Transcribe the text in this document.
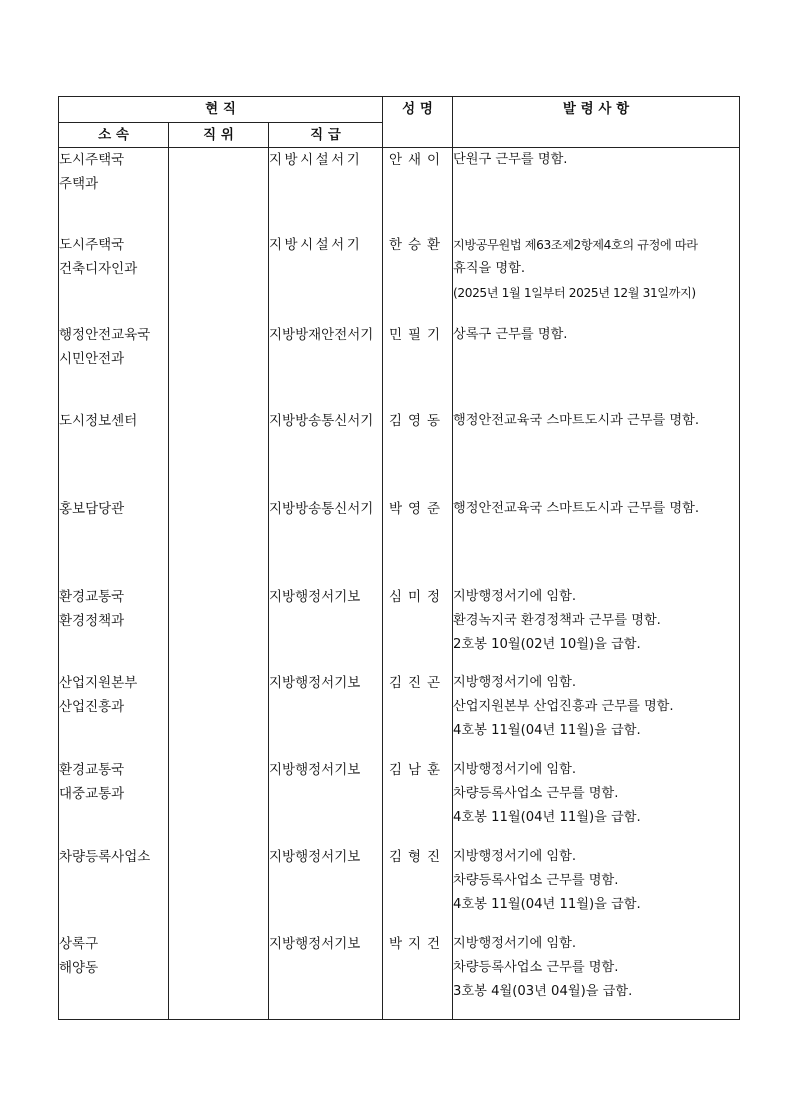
현 직			성 명	발 령 사 항
소 속	직 위	직 급		

도시주택국
주택과		지방시설서기	안새이	단원구 근무를 명함.

도시주택국
건축디자인과		지방시설서기	한승환	지방공무원법 제63조제2항제4호의 규정에 따라
휴직을 명함.
(2025년 1월 1일부터 2025년 12월 31일까지)

행정안전교육국
시민안전과		지방방재안전서기	민필기	상록구 근무를 명함.

도시정보센터		지방방송통신서기	김영동	행정안전교육국 스마트도시과 근무를 명함.

홍보담당관		지방방송통신서기	박영준	행정안전교육국 스마트도시과 근무를 명함.

환경교통국
환경정책과		지방행정서기보	심미정	지방행정서기에 임함.
환경녹지국 환경정책과 근무를 명함.
2호봉 10월(02년 10월)을 급함.

산업지원본부
산업진흥과		지방행정서기보	김진곤	지방행정서기에 임함.
산업지원본부 산업진흥과 근무를 명함.
4호봉 11월(04년 11월)을 급함.

환경교통국
대중교통과		지방행정서기보	김남훈	지방행정서기에 임함.
차량등록사업소 근무를 명함.
4호봉 11월(04년 11월)을 급함.

차량등록사업소		지방행정서기보	김형진	지방행정서기에 임함.
차량등록사업소 근무를 명함.
4호봉 11월(04년 11월)을 급함.

상록구
해양동		지방행정서기보	박지건	지방행정서기에 임함.
차량등록사업소 근무를 명함.
3호봉 4월(03년 04월)을 급함.
